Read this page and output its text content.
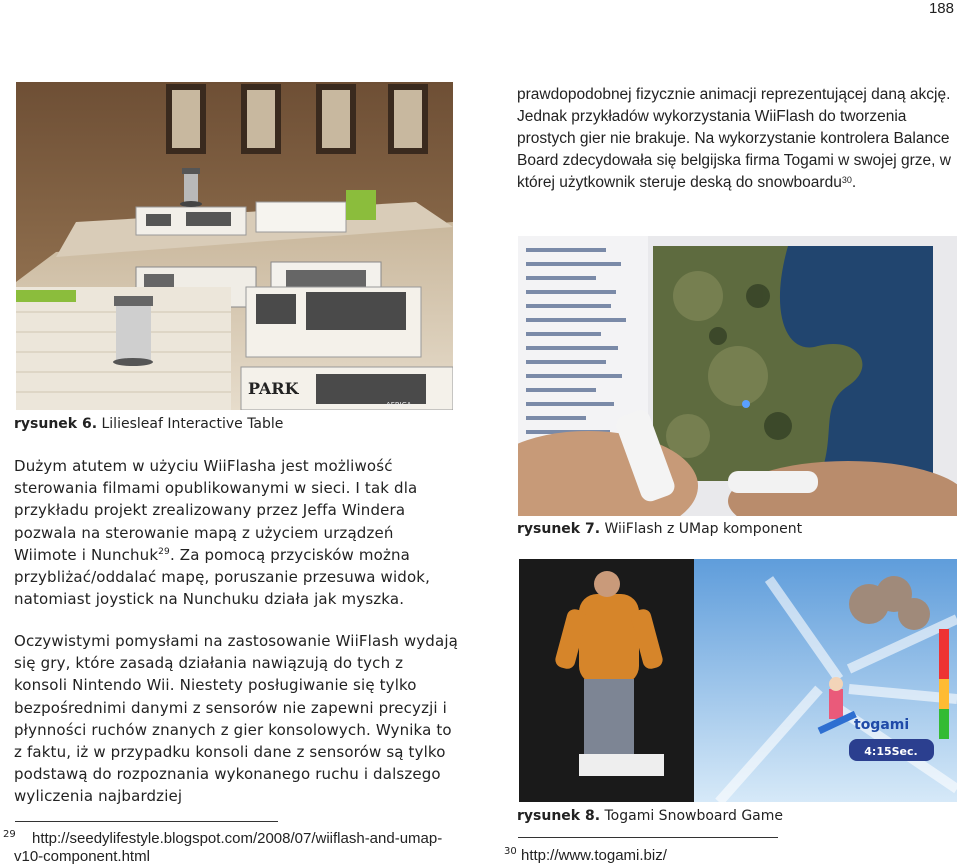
188
PARK
AFRICA
prawdopodobnej fizycznie animacji reprezentującej daną akcję. Jednak przykładów wykorzystania WiiFlash do tworzenia prostych gier nie brakuje. Na wykorzystanie kontrolera Balance Board zdecydowała się belgijska firma Togami w swojej grze, w której użytkownik steruje deską do snowboardu$^{30}$.
rysunek 6. Liliesleaf Interactive Table
rysunek 7. WiiFlash z UMap komponent
Dużym atutem w użyciu WiiFlasha jest możliwość sterowania filmami opublikowanymi w sieci. I tak dla przykładu projekt zrealizowany przez Jeffa Windera pozwala na sterowanie mapą z użyciem urządzeń Wiimote i Nunchuk$^{29}$. Za pomocą przycisków można przybliżać/oddalać mapę, poruszanie przesuwa widok, natomiast joystick na Nunchuku działa jak myszka.
Oczywistymi pomysłami na zastosowanie WiiFlash wydają się gry, które zasadą działania nawiązują do tych z konsoli Nintendo Wii. Niestety posługiwanie się tylko bezpośrednimi danymi z sensorów nie zapewni precyzji i płynności ruchów znanych z gier konsolowych. Wynika to z faktu, iż w przypadku konsoli dane z sensorów są tylko podstawą do rozpoznania wykonanego ruchu i dalszego wyliczenia najbardziej
4:15Sec.
togami
rysunek 8. Togami Snowboard Game
29	http://seedylifestyle.blogspot.com/2008/07/wiiflash-and-umap-v10-component.html	30 http://www.togami.biz/
